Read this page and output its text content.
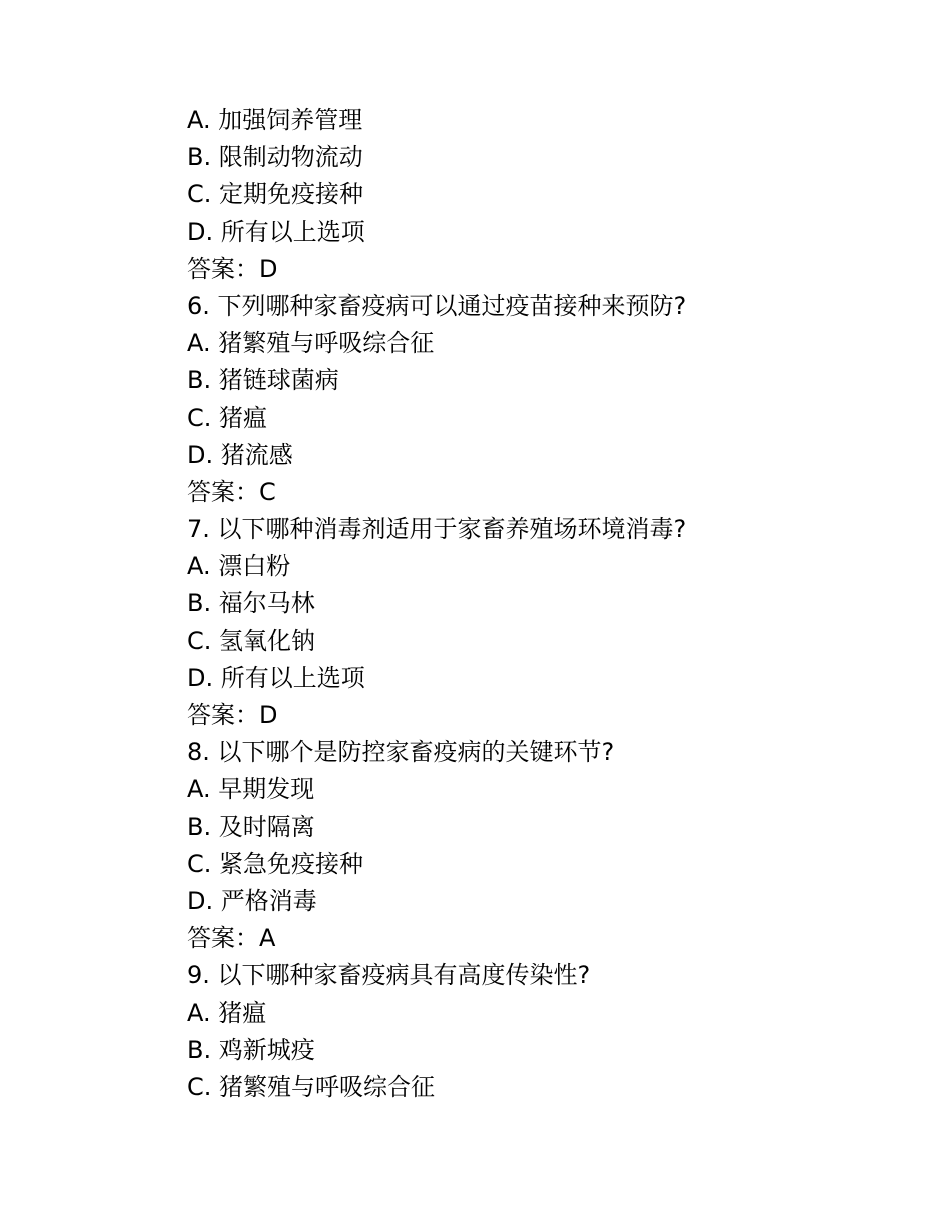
A. 加强饲养管理
B. 限制动物流动
C. 定期免疫接种
D. 所有以上选项
答案：D
6. 下列哪种家畜疫病可以通过疫苗接种来预防?
A. 猪繁殖与呼吸综合征
B. 猪链球菌病
C. 猪瘟
D. 猪流感
答案：C
7. 以下哪种消毒剂适用于家畜养殖场环境消毒?
A. 漂白粉
B. 福尔马林
C. 氢氧化钠
D. 所有以上选项
答案：D
8. 以下哪个是防控家畜疫病的关键环节?
A. 早期发现
B. 及时隔离
C. 紧急免疫接种
D. 严格消毒
答案：A
9. 以下哪种家畜疫病具有高度传染性?
A. 猪瘟
B. 鸡新城疫
C. 猪繁殖与呼吸综合征
